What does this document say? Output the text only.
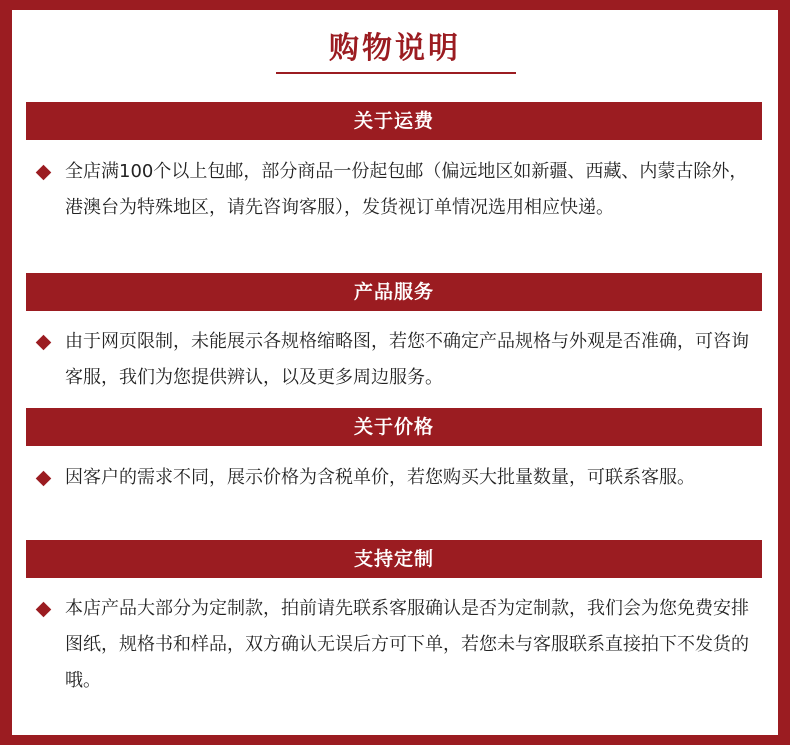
购物说明
关于运费
全店满100个以上包邮，部分商品一份起包邮（偏远地区如新疆、西藏、内蒙古除外，港澳台为特殊地区，请先咨询客服），发货视订单情况选用相应快递。
产品服务
由于网页限制，未能展示各规格缩略图，若您不确定产品规格与外观是否准确，可咨询客服，我们为您提供辨认，以及更多周边服务。
关于价格
因客户的需求不同，展示价格为含税单价，若您购买大批量数量，可联系客服。
支持定制
本店产品大部分为定制款，拍前请先联系客服确认是否为定制款，我们会为您免费安排图纸，规格书和样品，双方确认无误后方可下单，若您未与客服联系直接拍下不发货的哦。
